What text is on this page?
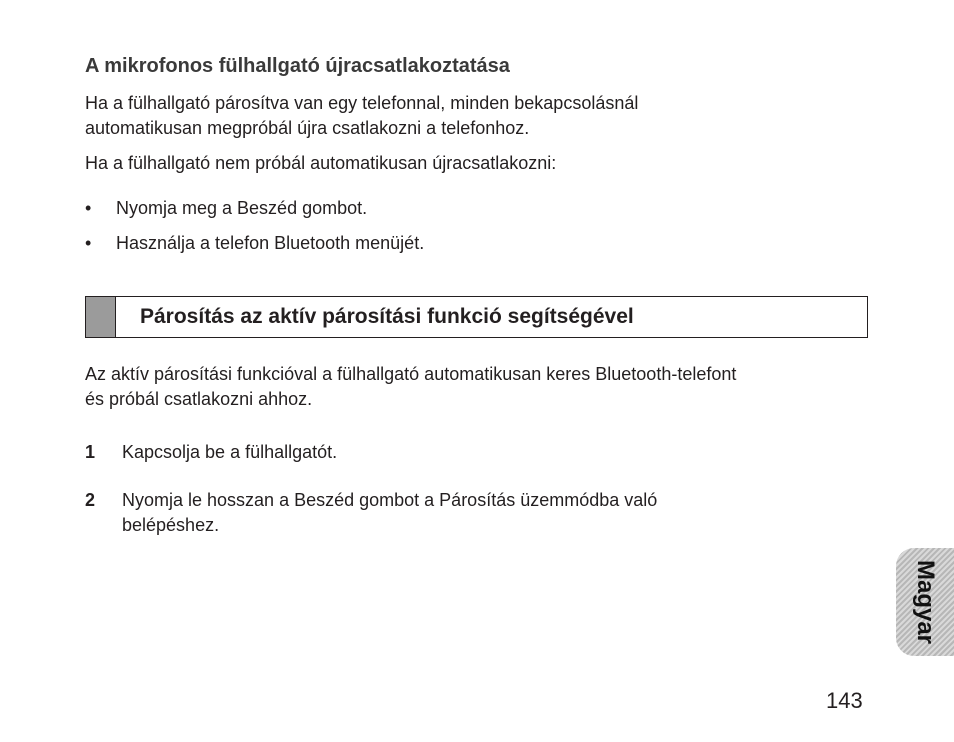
A mikrofonos fülhallgató újracsatlakoztatása
Ha a fülhallgató párosítva van egy telefonnal, minden bekapcsolásnál
automatikusan megpróbál újra csatlakozni a telefonhoz.
Ha a fülhallgató nem próbál automatikusan újracsatlakozni:
• Nyomja meg a Beszéd gombot.
• Használja a telefon Bluetooth menüjét.
Párosítás az aktív párosítási funkció segítségével
Az aktív párosítási funkcióval a fülhallgató automatikusan keres Bluetooth-telefont
és próbál csatlakozni ahhoz.
1 Kapcsolja be a fülhallgatót.
2 Nyomja le hosszan a Beszéd gombot a Párosítás üzemmódba való
belépéshez.
Magyar
143
